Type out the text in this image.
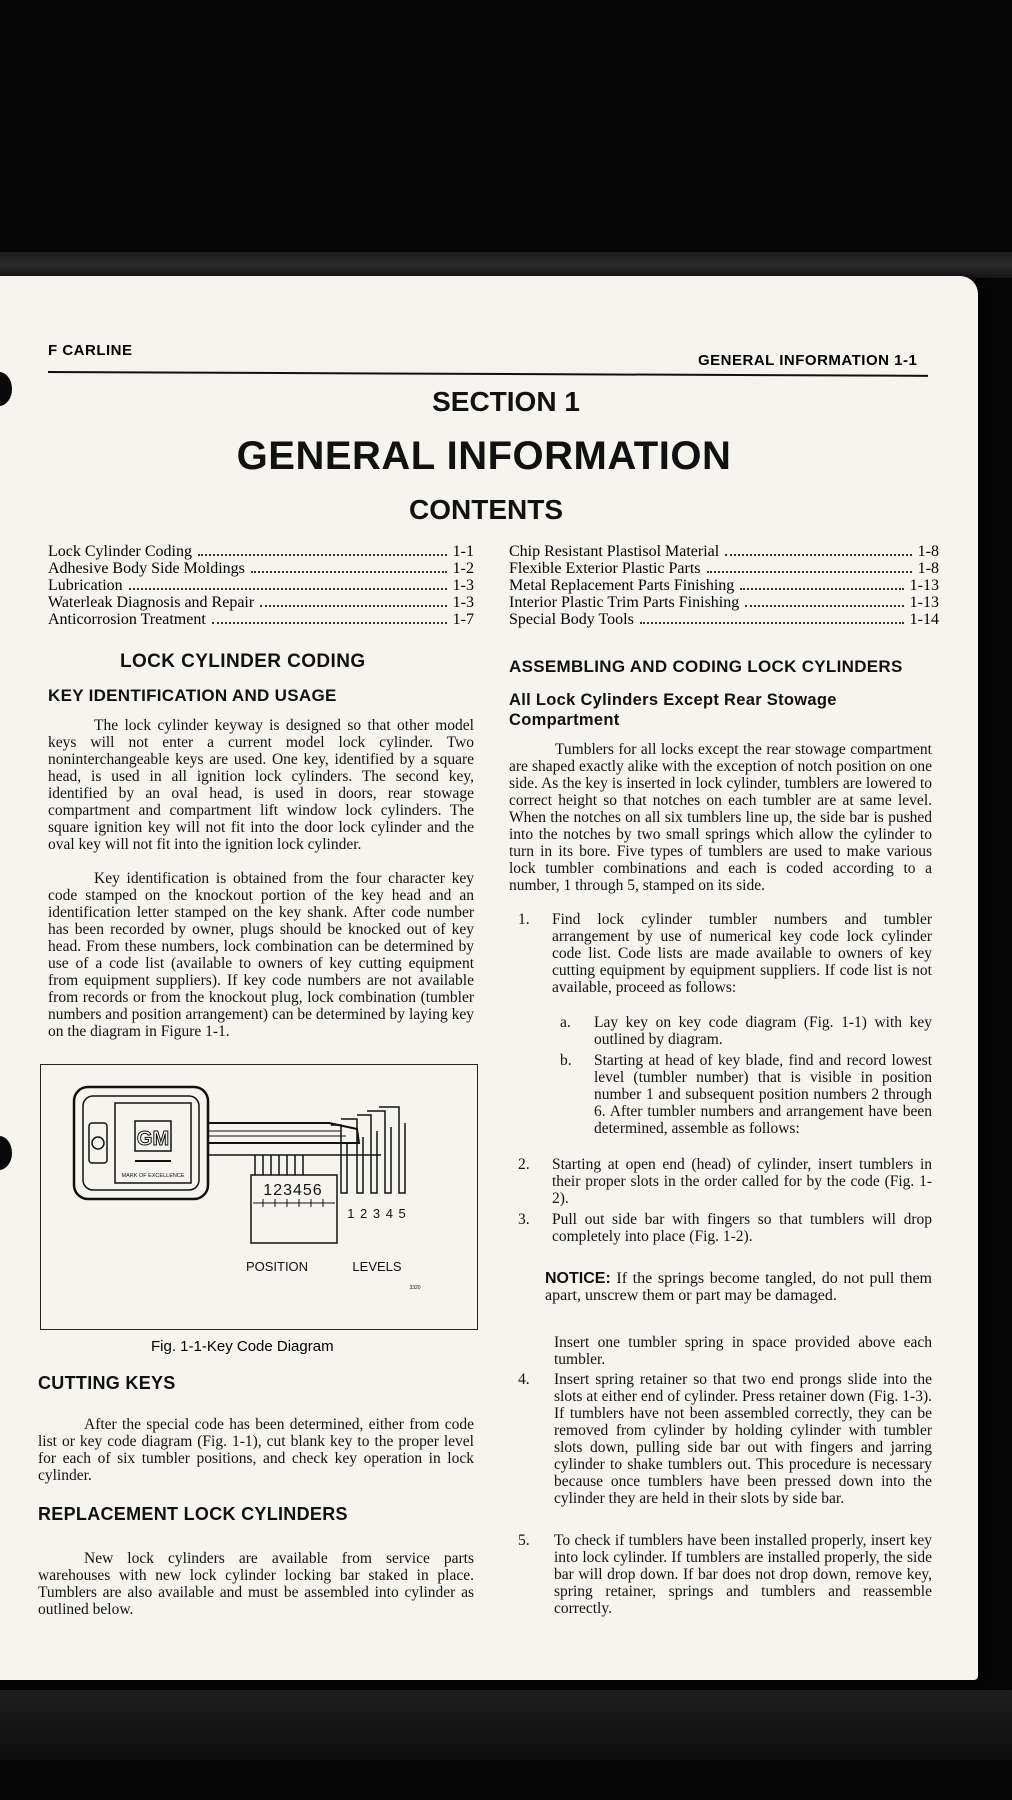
F CARLINE
GENERAL INFORMATION 1-1
SECTION 1
GENERAL INFORMATION
CONTENTS
Lock Cylinder Coding	1-1
Adhesive Body Side Moldings	1-2
Lubrication	1-3
Waterleak Diagnosis and Repair	1-3
Anticorrosion Treatment	1-7
Chip Resistant Plastisol Material	1-8
Flexible Exterior Plastic Parts	1-8
Metal Replacement Parts Finishing	1-13
Interior Plastic Trim Parts Finishing	1-13
Special Body Tools	1-14
LOCK CYLINDER CODING
KEY IDENTIFICATION AND USAGE
The lock cylinder keyway is designed so that other model keys will not enter a current model lock cylinder. Two noninterchangeable keys are used. One key, identified by a square head, is used in all ignition lock cylinders. The second key, identified by an oval head, is used in doors, rear stowage compartment and compartment lift window lock cylinders. The square ignition key will not fit into the door lock cylinder and the oval key will not fit into the ignition lock cylinder.
Key identification is obtained from the four character key code stamped on the knockout portion of the key head and an identification letter stamped on the key shank. After code number has been recorded by owner, plugs should be knocked out of key head. From these numbers, lock combination can be determined by use of a code list (available to owners of key cutting equipment from equipment suppliers). If key code numbers are not available from records or from the knockout plug, lock combination (tumbler numbers and position arrangement) can be determined by laying key on the diagram in Figure 1-1.
GM
MARK OF EXCELLENCE
123456
1 2 3 4 5
POSITION	LEVELS
3320
Fig. 1-1-Key Code Diagram
CUTTING KEYS
After the special code has been determined, either from code list or key code diagram (Fig. 1-1), cut blank key to the proper level for each of six tumbler positions, and check key operation in lock cylinder.
REPLACEMENT LOCK CYLINDERS
New lock cylinders are available from service parts warehouses with new lock cylinder locking bar staked in place. Tumblers are also available and must be assembled into cylinder as outlined below.
ASSEMBLING AND CODING LOCK CYLINDERS
All Lock Cylinders Except Rear Stowage Compartment
Tumblers for all locks except the rear stowage compartment are shaped exactly alike with the exception of notch position on one side. As the key is inserted in lock cylinder, tumblers are lowered to correct height so that notches on each tumbler are at same level. When the notches on all six tumblers line up, the side bar is pushed into the notches by two small springs which allow the cylinder to turn in its bore. Five types of tumblers are used to make various lock tumbler combinations and each is coded according to a number, 1 through 5, stamped on its side.
1.	Find lock cylinder tumbler numbers and tumbler arrangement by use of numerical key code lock cylinder code list. Code lists are made available to owners of key cutting equipment by equipment suppliers. If code list is not available, proceed as follows:
a.	Lay key on key code diagram (Fig. 1-1) with key outlined by diagram.
b.	Starting at head of key blade, find and record lowest level (tumbler number) that is visible in position number 1 and subsequent position numbers 2 through 6. After tumbler numbers and arrangement have been determined, assemble as follows:
2.	Starting at open end (head) of cylinder, insert tumblers in their proper slots in the order called for by the code (Fig. 1-2).
3.	Pull out side bar with fingers so that tumblers will drop completely into place (Fig. 1-2).
NOTICE: If the springs become tangled, do not pull them apart, unscrew them or part may be damaged.
Insert one tumbler spring in space provided above each tumbler.
4.	Insert spring retainer so that two end prongs slide into the slots at either end of cylinder. Press retainer down (Fig. 1-3). If tumblers have not been assembled correctly, they can be removed from cylinder by holding cylinder with tumbler slots down, pulling side bar out with fingers and jarring cylinder to shake tumblers out. This procedure is necessary because once tumblers have been pressed down into the cylinder they are held in their slots by side bar.
5.	To check if tumblers have been installed properly, insert key into lock cylinder. If tumblers are installed properly, the side bar will drop down. If bar does not drop down, remove key, spring retainer, springs and tumblers and reassemble correctly.
